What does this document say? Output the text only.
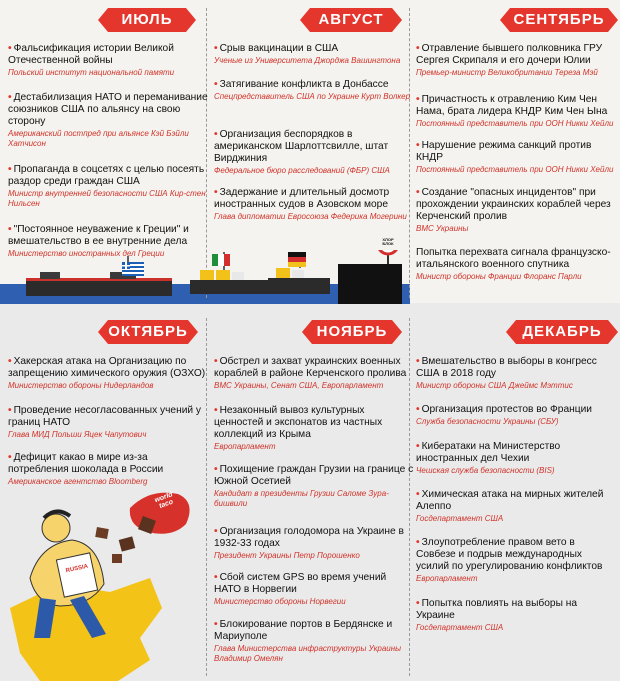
ИЮЛЬ	АВГУСТ	СЕНТЯБРЬ
ОКТЯБРЬ	НОЯБРЬ	ДЕКАБРЬ
• Фальсификация истории Великой Отечественной войны
Польский институт национальной памяти
• Дестабилизация НАТО и переманивание союзников США по альянсу на свою сторону
Американский постпред при альянсе Кэй Бэйли Хатчисон
• Пропаганда в соцсетях с целью посеять раздор среди граждан США
Министр внутренней безопасности США Кир-стен Нильсен
• "Постоянное неуважение к Греции" и вмешательство в ее внутренние дела
Министерство иностранных дел Греции
• Срыв вакцинации в США
Ученые из Университета Джорджа Вашингтона
• Затягивание конфликта в Донбассе
Спецпредставитель США по Украине Курт Волкер
• Организация беспорядков в американском Шарлоттсвилле, штат Вирджиния
Федеральное бюро расследований (ФБР) США
• Задержание и длительный досмотр иностранных судов в Азовском море
Глава дипломатии Евросоюза Федерика Могерини
• Отравление бывшего полковника ГРУ Сергея Скрипаля и его дочери Юлии
Премьер-министр Великобритании Тереза Мэй
• Причастность к отравлению Ким Чен Нама, брата лидера КНДР Ким Чен Ына
Постоянный представитель при ООН Никки Хейли
• Нарушение режима санкций против КНДР
Постоянный представитель при ООН Никки Хейли
• Создание "опасных инцидентов" при прохождении украинских кораблей через Керченский пролив
ВМС Украины
Попытка перехвата сигнала французско-итальянского военного спутника
Министр обороны Франции Флоранс Парли
ХЛОР БЛОК
• Хакерская атака на Организацию по запрещению химического оружия (ОЗХО)
Министерство обороны Нидерландов
• Проведение несогласованных учений у границ НАТО
Глава МИД Польши Яцек Чапутович
• Дефицит какао в мире из-за потребления шоколада в России
Американское агентство Bloomberg
world taco
RUSSIA
• Обстрел и захват украинских военных кораблей в районе Керченского пролива
ВМС Украины, Сенат США, Европарламент
• Незаконный вывоз культурных ценностей и экспонатов из частных коллекций из Крыма
Европарламент
• Похищение граждан Грузии на границе с Южной Осетией
Кандидат в президенты Грузии Саломе Зура-бишвили
• Организация голодомора на Украине в 1932-33 годах
Президент Украины Петр Порошенко
• Сбой систем GPS во время учений НАТО в Норвегии
Министерство обороны Норвегии
• Блокирование портов в Бердянске и Мариуполе
Глава Министерства инфраструктуры Украины Владимир Омелян
• Вмешательство в выборы в конгресс США в 2018 году
Министр обороны США Джеймс Мэттис
• Организация протестов во Франции
Служба безопасности Украины (СБУ)
• Кибератаки на Министерство иностранных дел Чехии
Чешская служба безопасности (BIS)
• Химическая атака на мирных жителей Алеппо
Госдепартамент США
• Злоупотребление правом вето в Совбезе и подрыв международных усилий по урегулированию конфликтов
Европарламент
• Попытка повлиять на выборы на Украине
Госдепартамент США
